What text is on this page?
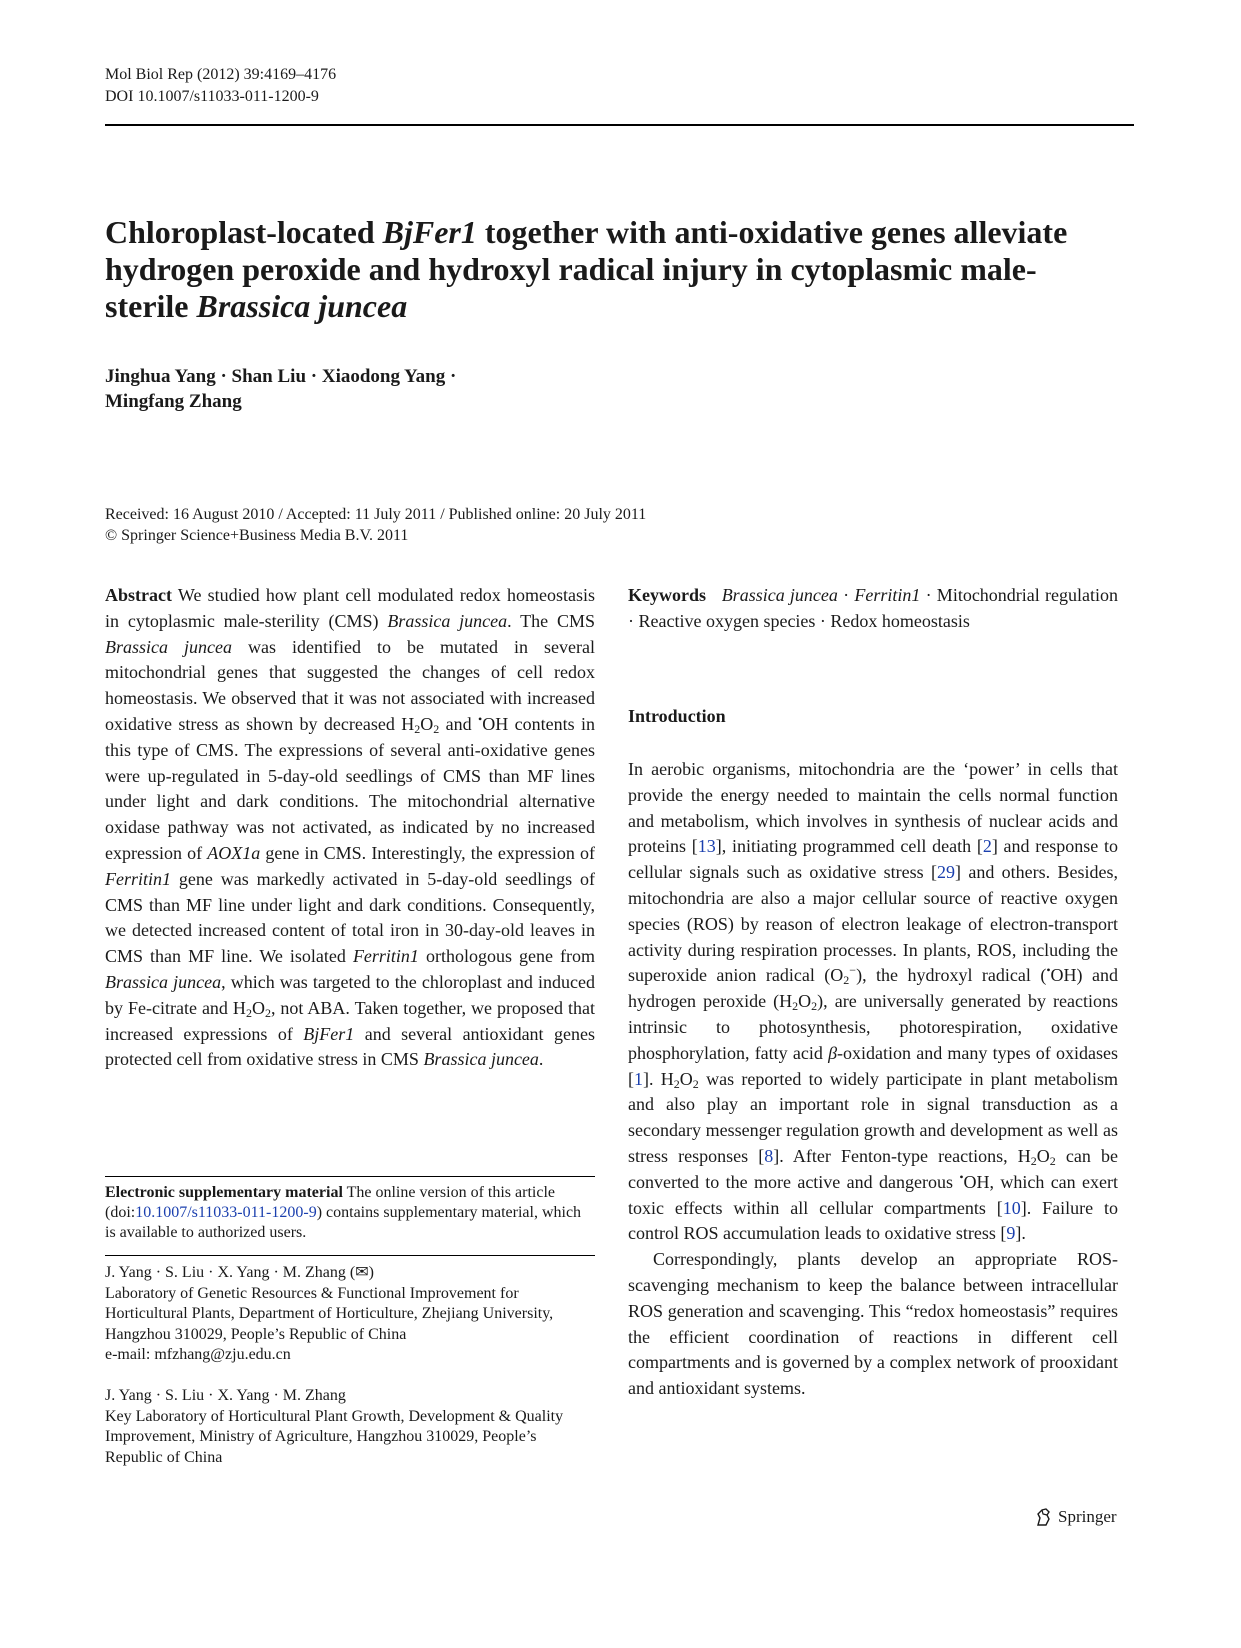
Mol Biol Rep (2012) 39:4169–4176
DOI 10.1007/s11033-011-1200-9
Chloroplast-located BjFer1 together with anti-oxidative genes alleviate hydrogen peroxide and hydroxyl radical injury in cytoplasmic male-sterile Brassica juncea
Jinghua Yang · Shan Liu · Xiaodong Yang ·
Mingfang Zhang
Received: 16 August 2010 / Accepted: 11 July 2011 / Published online: 20 July 2011
© Springer Science+Business Media B.V. 2011
Abstract We studied how plant cell modulated redox homeostasis in cytoplasmic male-sterility (CMS) Brassica juncea. The CMS Brassica juncea was identified to be mutated in several mitochondrial genes that suggested the changes of cell redox homeostasis. We observed that it was not associated with increased oxidative stress as shown by decreased $H_2O_2$ and •OH contents in this type of CMS. The expressions of several anti-oxidative genes were up-regulated in 5-day-old seedlings of CMS than MF lines under light and dark conditions. The mitochondrial alternative oxidase pathway was not activated, as indicated by no increased expression of AOX1a gene in CMS. Interestingly, the expression of Ferritin1 gene was markedly activated in 5-day-old seedlings of CMS than MF line under light and dark conditions. Consequently, we detected increased content of total iron in 30-day-old leaves in CMS than MF line. We isolated Ferritin1 orthologous gene from Brassica juncea, which was targeted to the chloroplast and induced by Fe-citrate and $H_2O_2$, not ABA. Taken together, we proposed that increased expressions of BjFer1 and several antioxidant genes protected cell from oxidative stress in CMS Brassica juncea.
Keywords Brassica juncea · Ferritin1 · Mitochondrial regulation · Reactive oxygen species · Redox homeostasis
Introduction

In aerobic organisms, mitochondria are the ‘power’ in cells that provide the energy needed to maintain the cells normal function and metabolism, which involves in synthesis of nuclear acids and proteins [13], initiating programmed cell death [2] and response to cellular signals such as oxidative stress [29] and others. Besides, mitochondria are also a major cellular source of reactive oxygen species (ROS) by reason of electron leakage of electron-transport activity during respiration processes. In plants, ROS, including the superoxide anion radical $(O_2^-)$, the hydroxyl radical (•OH) and hydrogen peroxide $(H_2O_2)$, are universally generated by reactions intrinsic to photosynthesis, photorespiration, oxidative phosphorylation, fatty acid β-oxidation and many types of oxidases [1]. $H_2O_2$ was reported to widely participate in plant metabolism and also play an important role in signal transduction as a secondary messenger regulation growth and development as well as stress responses [8]. After Fenton-type reactions, $H_2O_2$ can be converted to the more active and dangerous •OH, which can exert toxic effects within all cellular compartments [10]. Failure to control ROS accumulation leads to oxidative stress [9].

Correspondingly, plants develop an appropriate ROS-scavenging mechanism to keep the balance between intracellular ROS generation and scavenging. This “redox homeostasis” requires the efficient coordination of reactions in different cell compartments and is governed by a complex network of prooxidant and antioxidant systems.

Electronic supplementary material The online version of this article (doi:10.1007/s11033-011-1200-9) contains supplementary material, which is available to authorized users.
J. Yang · S. Liu · X. Yang · M. Zhang (✉)
Laboratory of Genetic Resources & Functional Improvement for Horticultural Plants, Department of Horticulture, Zhejiang University, Hangzhou 310029, People’s Republic of China
e-mail: mfzhang@zju.edu.cn
J. Yang · S. Liu · X. Yang · M. Zhang
Key Laboratory of Horticultural Plant Growth, Development & Quality Improvement, Ministry of Agriculture, Hangzhou 310029, People’s Republic of China
Springer
